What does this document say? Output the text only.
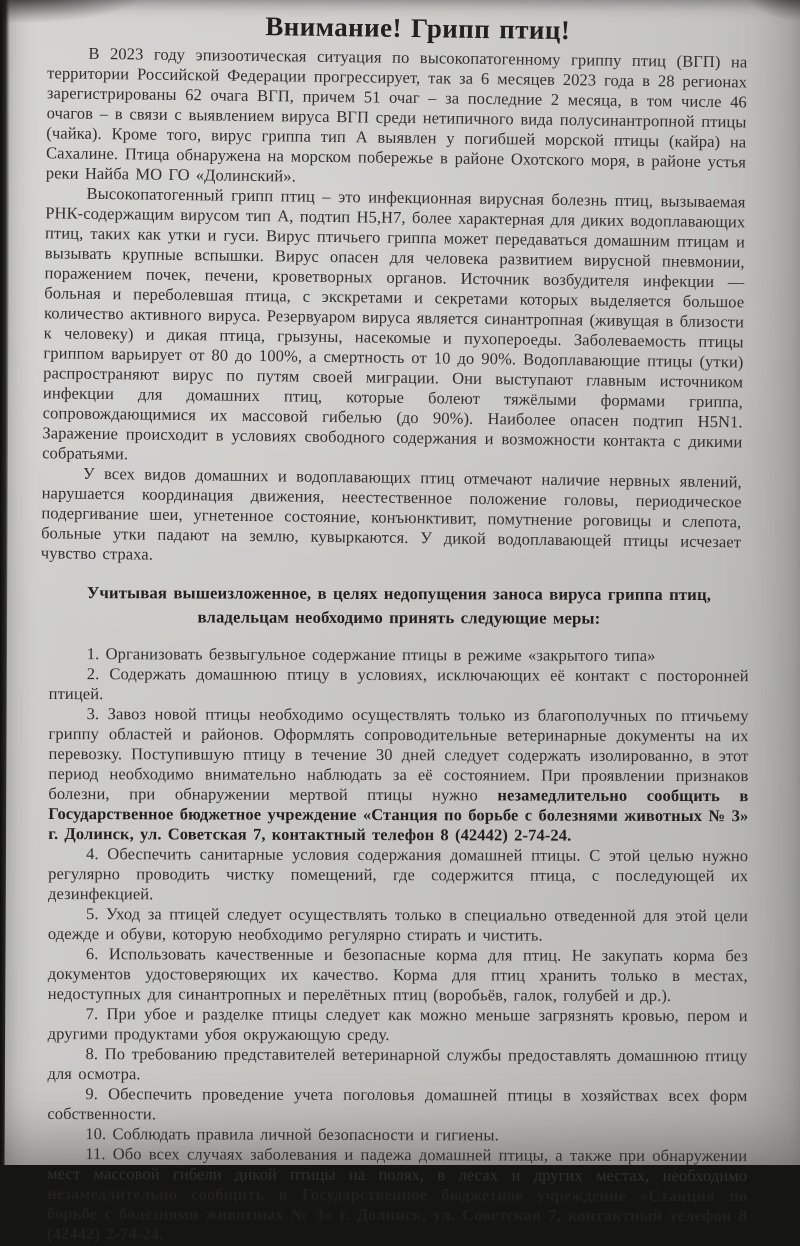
Внимание! Грипп птиц!
В 2023 году эпизоотическая ситуация по высокопатогенному гриппу птиц (ВГП) на территории Российской Федерации прогрессирует, так за 6 месяцев 2023 года в 28 регионах зарегистрированы 62 очага ВГП, причем 51 очаг – за последние 2 месяца, в том числе 46 очагов – в связи с выявлением вируса ВГП среди нетипичного вида полусинантропной птицы (чайка). Кроме того, вирус гриппа тип А выявлен у погибшей морской птицы (кайра) на Сахалине. Птица обнаружена на морском побережье в районе Охотского моря, в районе устья реки Найба МО ГО «Долинский».
Высокопатогенный грипп птиц – это инфекционная вирусная болезнь птиц, вызываемая РНК-содержащим вирусом тип А, подтип Н5,Н7, более характерная для диких водоплавающих птиц, таких как утки и гуси. Вирус птичьего гриппа может передаваться домашним птицам и вызывать крупные вспышки. Вирус опасен для человека развитием вирусной пневмонии, поражением почек, печени, кроветворных органов. Источник возбудителя инфекции — больная и переболевшая птица, с экскретами и секретами которых выделяется большое количество активного вируса. Резервуаром вируса является синантропная (живущая в близости к человеку) и дикая птица, грызуны, насекомые и пухопероеды. Заболеваемость птицы гриппом варьирует от 80 до 100%, а смертность от 10 до 90%. Водоплавающие птицы (утки) распространяют вирус по путям своей миграции. Они выступают главным источником инфекции для домашних птиц, которые болеют тяжёлыми формами гриппа, сопровождающимися их массовой гибелью (до 90%). Наиболее опасен подтип H5N1. Заражение происходит в условиях свободного содержания и возможности контакта с дикими собратьями.
У всех видов домашних и водоплавающих птиц отмечают наличие нервных явлений, нарушается координация движения, неестественное положение головы, периодическое подергивание шеи, угнетенное состояние, конъюнктивит, помутнение роговицы и слепота, больные утки падают на землю, кувыркаются. У дикой водоплавающей птицы исчезает чувство страха.
Учитывая вышеизложенное, в целях недопущения заноса вируса гриппа птиц, владельцам необходимо принять следующие меры:
1. Организовать безвыгульное содержание птицы в режиме «закрытого типа»
2. Содержать домашнюю птицу в условиях, исключающих её контакт с посторонней птицей.
3. Завоз новой птицы необходимо осуществлять только из благополучных по птичьему гриппу областей и районов. Оформлять сопроводительные ветеринарные документы на их перевозку. Поступившую птицу в течение 30 дней следует содержать изолированно, в этот период необходимо внимательно наблюдать за её состоянием. При проявлении признаков болезни, при обнаружении мертвой птицы нужно незамедлительно сообщить в Государственное бюджетное учреждение «Станция по борьбе с болезнями животных № 3» г. Долинск, ул. Советская 7, контактный телефон 8 (42442) 2-74-24.
4. Обеспечить санитарные условия содержания домашней птицы. С этой целью нужно регулярно проводить чистку помещений, где содержится птица, с последующей их дезинфекцией.
5. Уход за птицей следует осуществлять только в специально отведенной для этой цели одежде и обуви, которую необходимо регулярно стирать и чистить.
6. Использовать качественные и безопасные корма для птиц. Не закупать корма без документов удостоверяющих их качество. Корма для птиц хранить только в местах, недоступных для синантропных и перелётных птиц (воробьёв, галок, голубей и др.).
7. При убое и разделке птицы следует как можно меньше загрязнять кровью, пером и другими продуктами убоя окружающую среду.
8. По требованию представителей ветеринарной службы предоставлять домашнюю птицу для осмотра.
9. Обеспечить проведение учета поголовья домашней птицы в хозяйствах всех форм собственности.
10. Соблюдать правила личной безопасности и гигиены.
11. Обо всех случаях заболевания и падежа домашней птицы, а также при обнаружении мест массовой гибели дикой птицы на полях, в лесах и других местах, необходимо незамедлительно сообщить в Государственное бюджетное учреждение «Станция по борьбе с болезнями животных № 3» г. Долинск, ул. Советская 7, контактный телефон 8 (42442) 2-74-24.
